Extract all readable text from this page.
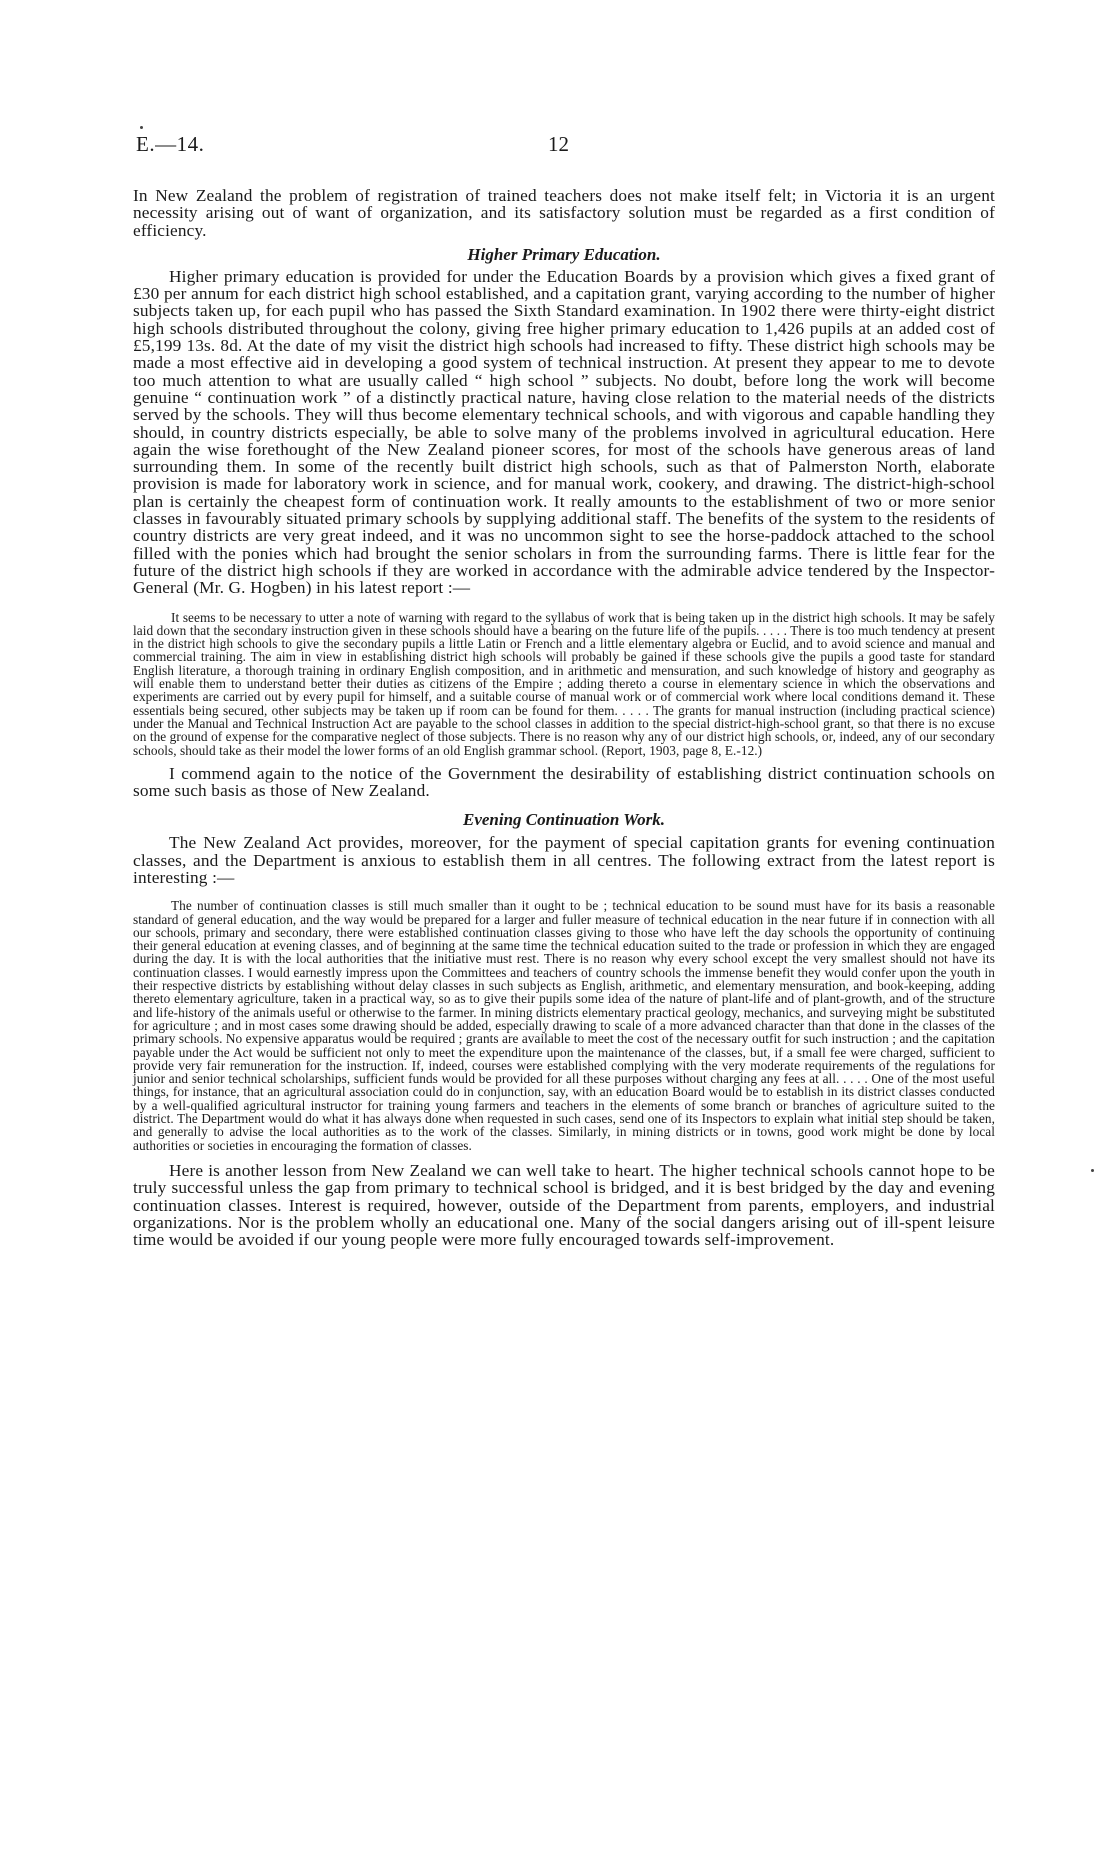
E.—14.	12

In New Zealand the problem of registration of trained teachers does not make itself felt; in Victoria it is an urgent necessity arising out of want of organization, and its satisfactory solution must be regarded as a first condition of efficiency.

Higher Primary Education.

Higher primary education is provided for under the Education Boards by a provision which gives a fixed grant of £30 per annum for each district high school established, and a capitation grant, varying according to the number of higher subjects taken up, for each pupil who has passed the Sixth Standard examination. In 1902 there were thirty-eight district high schools distributed throughout the colony, giving free higher primary education to 1,426 pupils at an added cost of £5,199 13s. 8d. At the date of my visit the district high schools had increased to fifty. These district high schools may be made a most effective aid in developing a good system of technical instruction. At present they appear to me to devote too much attention to what are usually called “ high school ” subjects. No doubt, before long the work will become genuine “ continuation work ” of a distinctly practical nature, having close relation to the material needs of the districts served by the schools. They will thus become elementary technical schools, and with vigorous and capable handling they should, in country districts especially, be able to solve many of the problems involved in agricultural education. Here again the wise forethought of the New Zealand pioneer scores, for most of the schools have generous areas of land surrounding them. In some of the recently built district high schools, such as that of Palmerston North, elaborate provision is made for laboratory work in science, and for manual work, cookery, and drawing. The district-high-school plan is certainly the cheapest form of continuation work. It really amounts to the establishment of two or more senior classes in favourably situated primary schools by supplying additional staff. The benefits of the system to the residents of country districts are very great indeed, and it was no uncommon sight to see the horse-paddock attached to the school filled with the ponies which had brought the senior scholars in from the surrounding farms. There is little fear for the future of the district high schools if they are worked in accordance with the admirable advice tendered by the Inspector-General (Mr. G. Hogben) in his latest report :—

It seems to be necessary to utter a note of warning with regard to the syllabus of work that is being taken up in the district high schools. It may be safely laid down that the secondary instruction given in these schools should have a bearing on the future life of the pupils. . . . . There is too much tendency at present in the district high schools to give the secondary pupils a little Latin or French and a little elementary algebra or Euclid, and to avoid science and manual and commercial training. The aim in view in establishing district high schools will probably be gained if these schools give the pupils a good taste for standard English literature, a thorough training in ordinary English composition, and in arithmetic and mensuration, and such knowledge of history and geography as will enable them to understand better their duties as citizens of the Empire ; adding thereto a course in elementary science in which the observations and experiments are carried out by every pupil for himself, and a suitable course of manual work or of commercial work where local conditions demand it. These essentials being secured, other subjects may be taken up if room can be found for them. . . . . The grants for manual instruction (including practical science) under the Manual and Technical Instruction Act are payable to the school classes in addition to the special district-high-school grant, so that there is no excuse on the ground of expense for the comparative neglect of those subjects. There is no reason why any of our district high schools, or, indeed, any of our secondary schools, should take as their model the lower forms of an old English grammar school. (Report, 1903, page 8, E.-12.)

I commend again to the notice of the Government the desirability of establishing district continuation schools on some such basis as those of New Zealand.

Evening Continuation Work.

The New Zealand Act provides, moreover, for the payment of special capitation grants for evening continuation classes, and the Department is anxious to establish them in all centres. The following extract from the latest report is interesting :—

The number of continuation classes is still much smaller than it ought to be ; technical education to be sound must have for its basis a reasonable standard of general education, and the way would be prepared for a larger and fuller measure of technical education in the near future if in connection with all our schools, primary and secondary, there were established continuation classes giving to those who have left the day schools the opportunity of continuing their general education at evening classes, and of beginning at the same time the technical education suited to the trade or profession in which they are engaged during the day. It is with the local authorities that the initiative must rest. There is no reason why every school except the very smallest should not have its continuation classes. I would earnestly impress upon the Committees and teachers of country schools the immense benefit they would confer upon the youth in their respective districts by establishing without delay classes in such subjects as English, arithmetic, and elementary mensuration, and book-keeping, adding thereto elementary agriculture, taken in a practical way, so as to give their pupils some idea of the nature of plant-life and of plant-growth, and of the structure and life-history of the animals useful or otherwise to the farmer. In mining districts elementary practical geology, mechanics, and surveying might be substituted for agriculture ; and in most cases some drawing should be added, especially drawing to scale of a more advanced character than that done in the classes of the primary schools. No expensive apparatus would be required ; grants are available to meet the cost of the necessary outfit for such instruction ; and the capitation payable under the Act would be sufficient not only to meet the expenditure upon the maintenance of the classes, but, if a small fee were charged, sufficient to provide very fair remuneration for the instruction. If, indeed, courses were established complying with the very moderate requirements of the regulations for junior and senior technical scholarships, sufficient funds would be provided for all these purposes without charging any fees at all. . . . . One of the most useful things, for instance, that an agricultural association could do in conjunction, say, with an education Board would be to establish in its district classes conducted by a well-qualified agricultural instructor for training young farmers and teachers in the elements of some branch or branches of agriculture suited to the district. The Department would do what it has always done when requested in such cases, send one of its Inspectors to explain what initial step should be taken, and generally to advise the local authorities as to the work of the classes. Similarly, in mining districts or in towns, good work might be done by local authorities or societies in encouraging the formation of classes.

Here is another lesson from New Zealand we can well take to heart. The higher technical schools cannot hope to be truly successful unless the gap from primary to technical school is bridged, and it is best bridged by the day and evening continuation classes. Interest is required, however, outside of the Department from parents, employers, and industrial organizations. Nor is the problem wholly an educational one. Many of the social dangers arising out of ill-spent leisure time would be avoided if our young people were more fully encouraged towards self-improvement.
